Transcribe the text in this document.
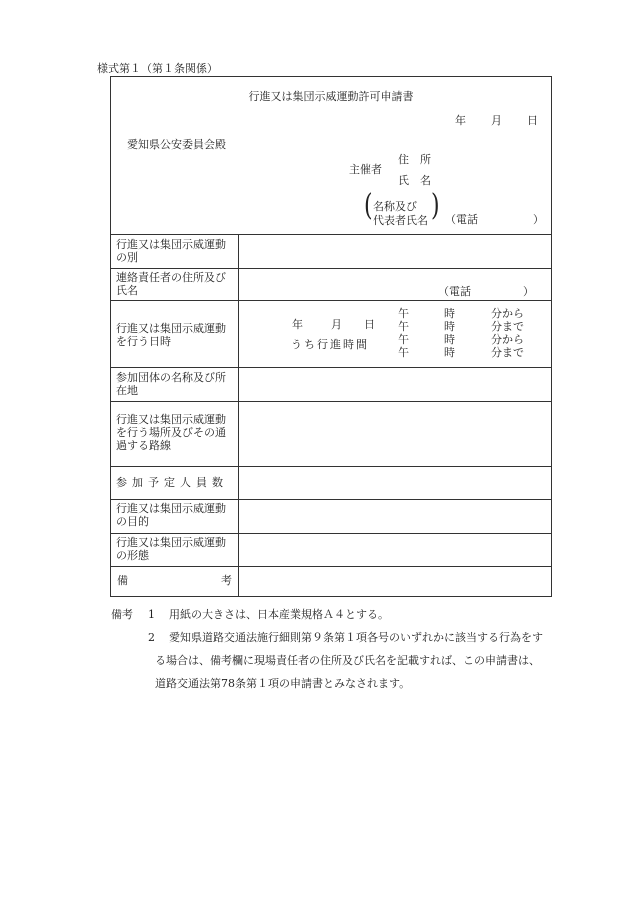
様式第１（第１条関係）
行進又は集団示威運動許可申請書
年 月 日
愛知県公安委員会殿
主催者
住　所
氏　名
( 名称及び
代表者氏名 ) （電話	）
行進又は集団示威運動の別
連絡責任者の住所及び氏名	（電話	）
行進又は集団示威運動を行う日時
年	月 日
うち行進時間
午	時	分から
午	時	分まで
午	時	分から
午	時	分まで
参加団体の名称及び所在地
行進又は集団示威運動を行う場所及びその通過する路線
参加予定人員数
行進又は集団示威運動の目的
行進又は集団示威運動の形態
備	考
備考 1 用紙の大きさは、日本産業規格Ａ４とする。
2 愛知県道路交通法施行細則第９条第１項各号のいずれかに該当する行為をす
る場合は、備考欄に現場責任者の住所及び氏名を記載すれば、この申請書は、
道路交通法第78条第１項の申請書とみなされます。
